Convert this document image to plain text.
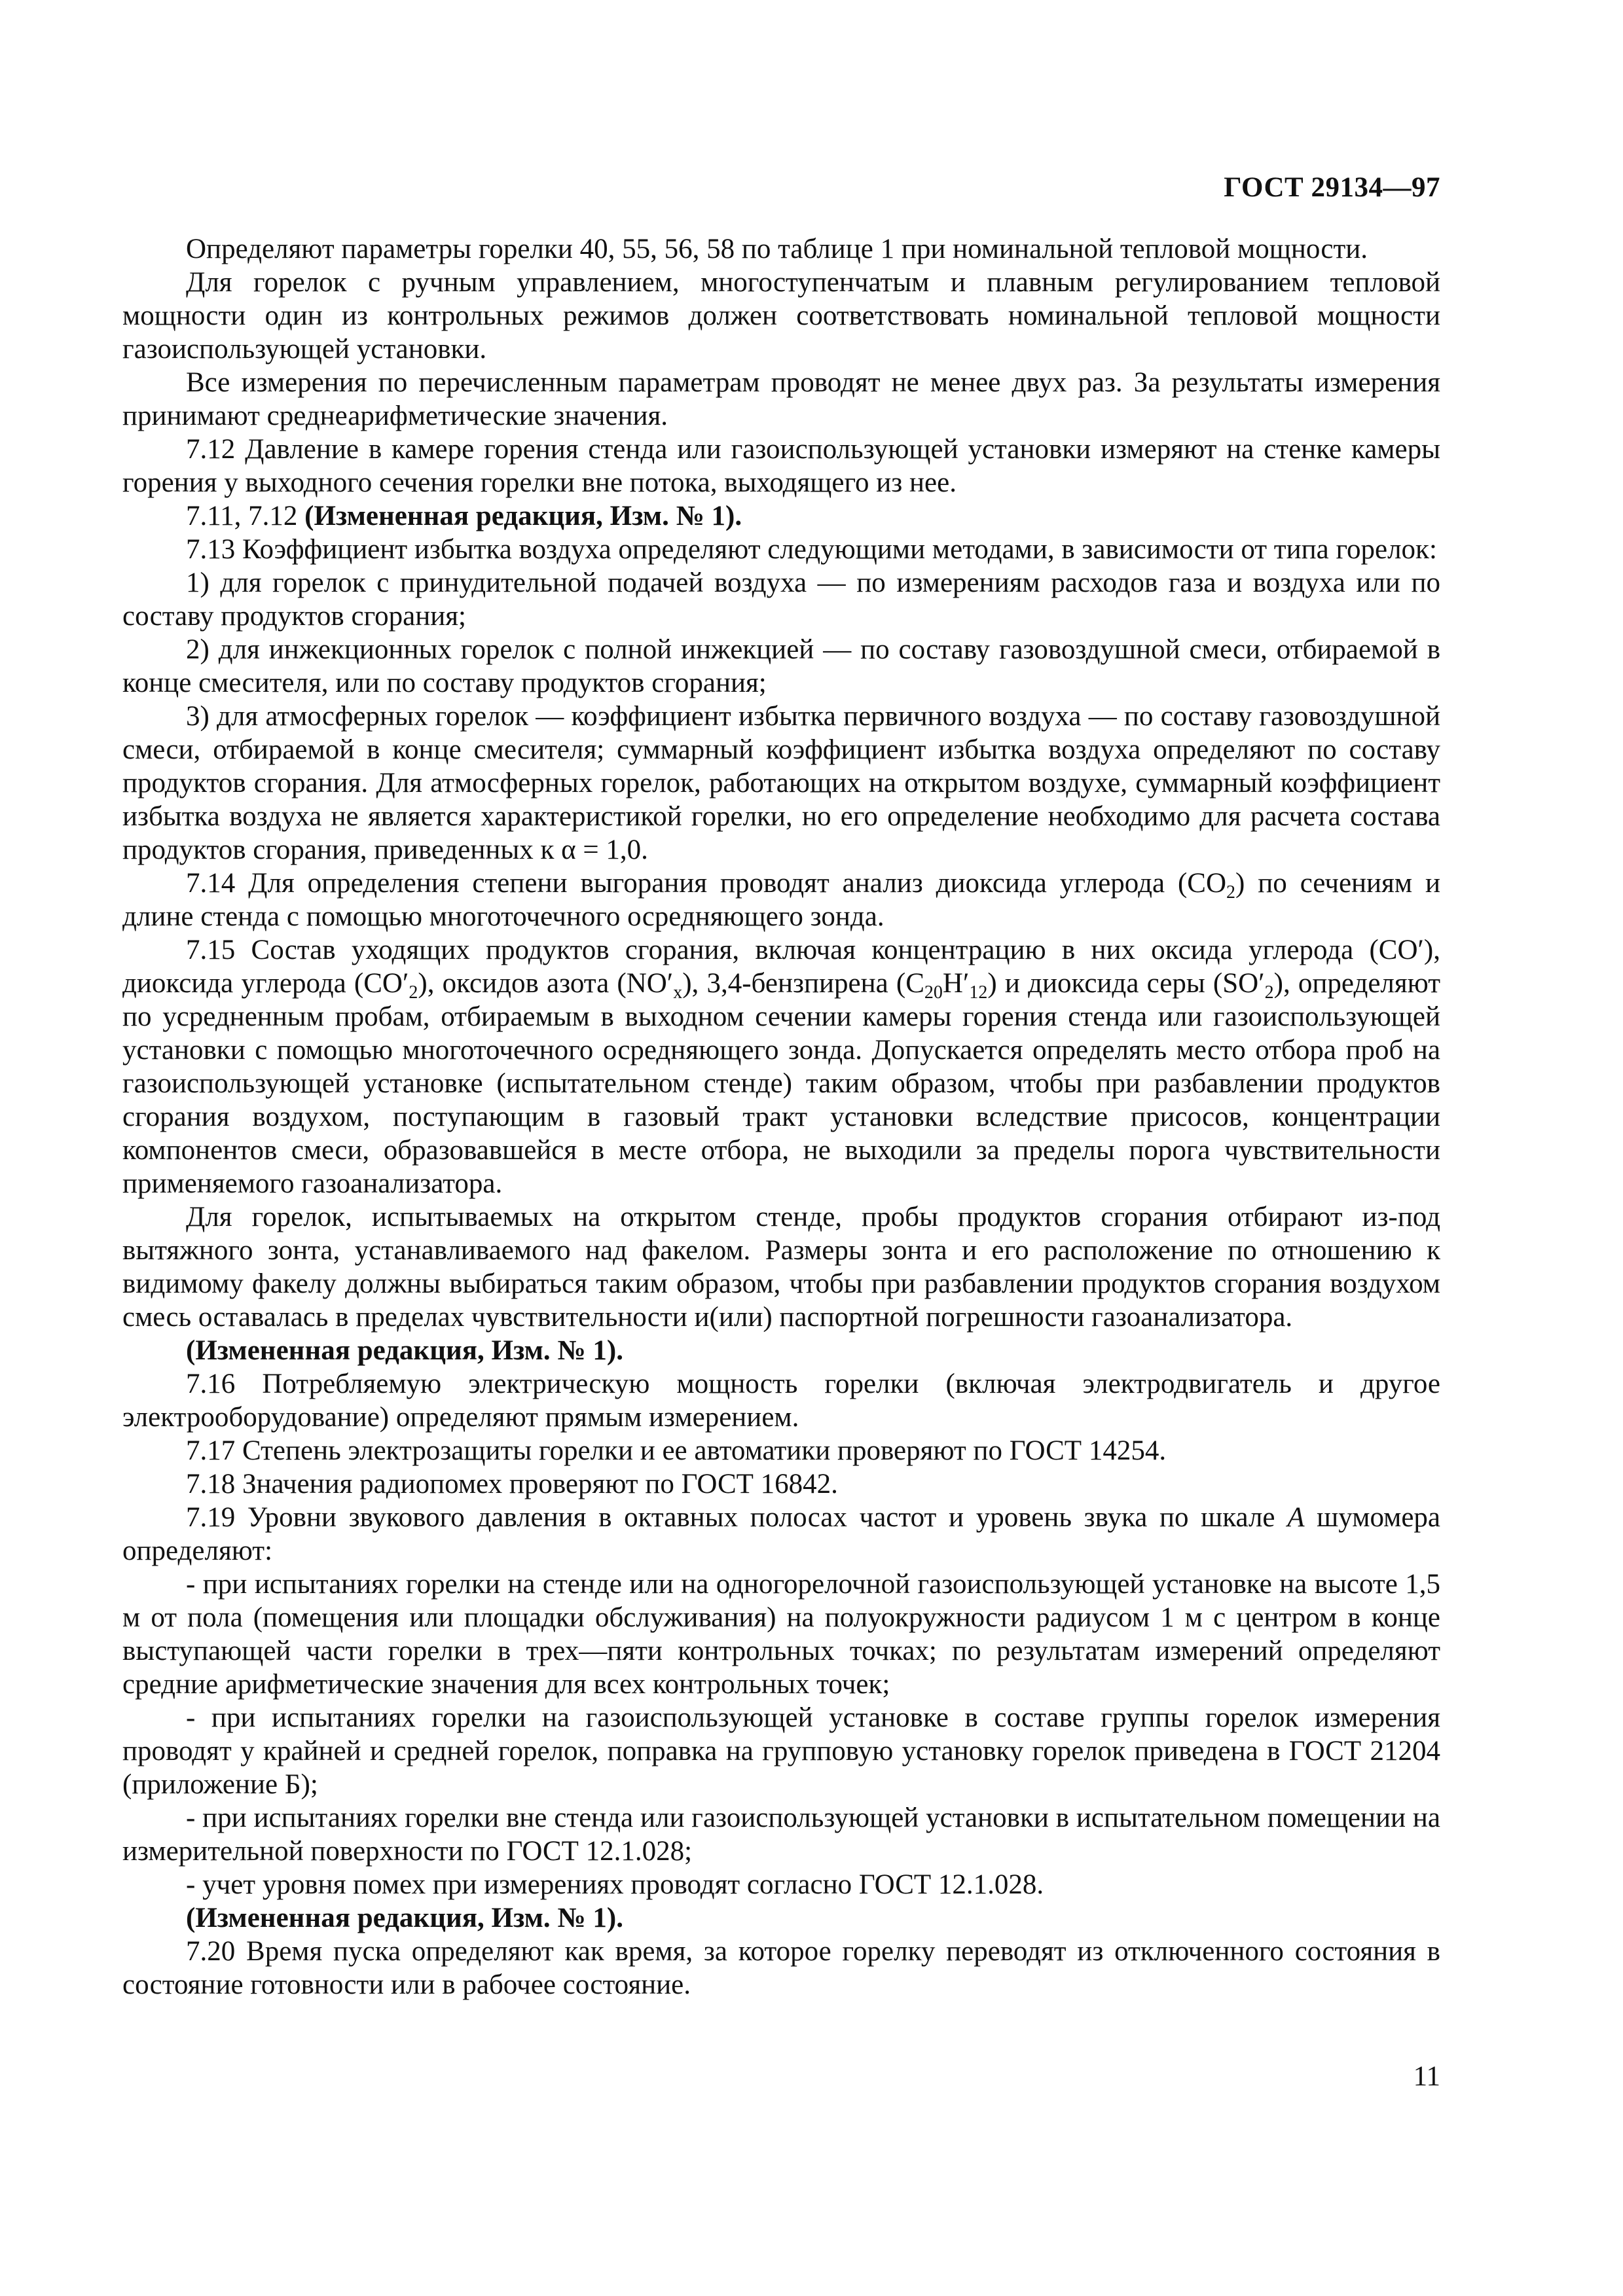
ГОСТ 29134—97

Определяют параметры горелки 40, 55, 56, 58 по таблице 1 при номинальной тепловой мощности.

Для горелок с ручным управлением, многоступенчатым и плавным регулированием тепловой мощности один из контрольных режимов должен соответствовать номинальной тепловой мощности газоиспользующей установки.

Все измерения по перечисленным параметрам проводят не менее двух раз. За результаты измерения принимают среднеарифметические значения.

7.12 Давление в камере горения стенда или газоиспользующей установки измеряют на стенке камеры горения у выходного сечения горелки вне потока, выходящего из нее.

7.11, 7.12 (Измененная редакция, Изм. № 1).

7.13 Коэффициент избытка воздуха определяют следующими методами, в зависимости от типа горелок:

1) для горелок с принудительной подачей воздуха — по измерениям расходов газа и воздуха или по составу продуктов сгорания;

2) для инжекционных горелок с полной инжекцией — по составу газовоздушной смеси, отбираемой в конце смесителя, или по составу продуктов сгорания;

3) для атмосферных горелок — коэффициент избытка первичного воздуха — по составу газовоздушной смеси, отбираемой в конце смесителя; суммарный коэффициент избытка воздуха определяют по составу продуктов сгорания. Для атмосферных горелок, работающих на открытом воздухе, суммарный коэффициент избытка воздуха не является характеристикой горелки, но его определение необходимо для расчета состава продуктов сгорания, приведенных к α = 1,0.

7.14 Для определения степени выгорания проводят анализ диоксида углерода $(CO_2)$ по сечениям и длине стенда с помощью многоточечного осредняющего зонда.

7.15 Состав уходящих продуктов сгорания, включая концентрацию в них оксида углерода (CO′), диоксида углерода $(CO'_2)$, оксидов азота $(NO'_x)$, 3,4-бензпирена $(C_{20}H'_{12})$ и диоксида серы $(SO'_2)$, определяют по усредненным пробам, отбираемым в выходном сечении камеры горения стенда или газоиспользующей установки с помощью многоточечного осредняющего зонда. Допускается определять место отбора проб на газоиспользующей установке (испытательном стенде) таким образом, чтобы при разбавлении продуктов сгорания воздухом, поступающим в газовый тракт установки вследствие присосов, концентрации компонентов смеси, образовавшейся в месте отбора, не выходили за пределы порога чувствительности применяемого газоанализатора.

Для горелок, испытываемых на открытом стенде, пробы продуктов сгорания отбирают из-под вытяжного зонта, устанавливаемого над факелом. Размеры зонта и его расположение по отношению к видимому факелу должны выбираться таким образом, чтобы при разбавлении продуктов сгорания воздухом смесь оставалась в пределах чувствительности и(или) паспортной погрешности газоанализатора.

(Измененная редакция, Изм. № 1).

7.16 Потребляемую электрическую мощность горелки (включая электродвигатель и другое электрооборудование) определяют прямым измерением.

7.17 Степень электрозащиты горелки и ее автоматики проверяют по ГОСТ 14254.

7.18 Значения радиопомех проверяют по ГОСТ 16842.

7.19 Уровни звукового давления в октавных полосах частот и уровень звука по шкале A шумомера определяют:

- при испытаниях горелки на стенде или на одногорелочной газоиспользующей установке на высоте 1,5 м от пола (помещения или площадки обслуживания) на полуокружности радиусом 1 м с центром в конце выступающей части горелки в трех—пяти контрольных точках; по результатам измерений определяют средние арифметические значения для всех контрольных точек;

- при испытаниях горелки на газоиспользующей установке в составе группы горелок измерения проводят у крайней и средней горелок, поправка на групповую установку горелок приведена в ГОСТ 21204 (приложение Б);

- при испытаниях горелки вне стенда или газоиспользующей установки в испытательном помещении на измерительной поверхности по ГОСТ 12.1.028;

- учет уровня помех при измерениях проводят согласно ГОСТ 12.1.028.

(Измененная редакция, Изм. № 1).

7.20 Время пуска определяют как время, за которое горелку переводят из отключенного состояния в состояние готовности или в рабочее состояние.

11
